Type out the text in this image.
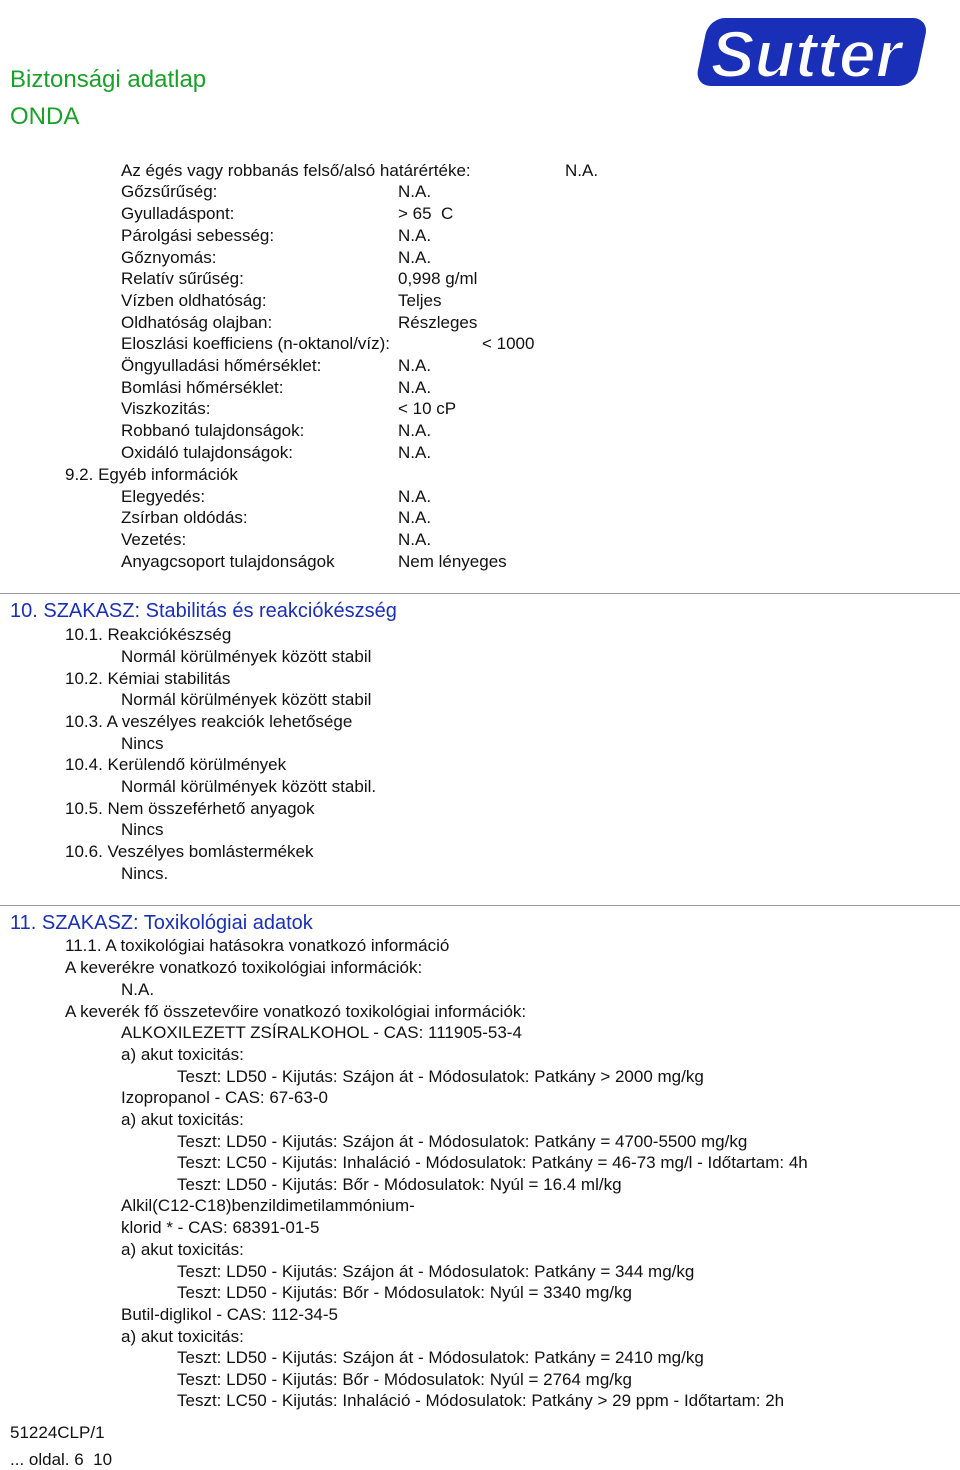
Biztonsági adatlap
ONDA
Sutter
Az égés vagy robbanás felső/alsó határértéke:	N.A.
Gőzsűrűség:	N.A.
Gyulladáspont:	> 65  C
Párolgási sebesség:	N.A.
Gőznyomás:	N.A.
Relatív sűrűség:	0,998 g/ml
Vízben oldhatóság:	Teljes
Oldhatóság olajban:	Részleges
Eloszlási koefficiens (n-oktanol/víz):	< 1000
Öngyulladási hőmérséklet:	N.A.
Bomlási hőmérséklet:	N.A.
Viszkozitás:	< 10 cP
Robbanó tulajdonságok:	N.A.
Oxidáló tulajdonságok:	N.A.
9.2. Egyéb információk
Elegyedés:	N.A.
Zsírban oldódás:	N.A.
Vezetés:	N.A.
Anyagcsoport tulajdonságok	Nem lényeges
10. SZAKASZ: Stabilitás és reakciókészség
10.1. Reakciókészség
Normál körülmények között stabil
10.2. Kémiai stabilitás
Normál körülmények között stabil
10.3. A veszélyes reakciók lehetősége
Nincs
10.4. Kerülendő körülmények
Normál körülmények között stabil.
10.5. Nem összeférhető anyagok
Nincs
10.6. Veszélyes bomlástermékek
Nincs.
11. SZAKASZ: Toxikológiai adatok
11.1. A toxikológiai hatásokra vonatkozó információ
A keverékre vonatkozó toxikológiai információk:
N.A.
A keverék fő összetevőire vonatkozó toxikológiai információk:
ALKOXILEZETT ZSÍRALKOHOL - CAS: 111905-53-4
a) akut toxicitás:
Teszt: LD50 - Kijutás: Szájon át - Módosulatok: Patkány > 2000 mg/kg
Izopropanol - CAS: 67-63-0
a) akut toxicitás:
Teszt: LD50 - Kijutás: Szájon át - Módosulatok: Patkány = 4700-5500 mg/kg
Teszt: LC50 - Kijutás: Inhaláció - Módosulatok: Patkány = 46-73 mg/l - Időtartam: 4h
Teszt: LD50 - Kijutás: Bőr - Módosulatok: Nyúl = 16.4 ml/kg
Alkil(C12-C18)benzildimetilammónium-
klorid * - CAS: 68391-01-5
a) akut toxicitás:
Teszt: LD50 - Kijutás: Szájon át - Módosulatok: Patkány = 344 mg/kg
Teszt: LD50 - Kijutás: Bőr - Módosulatok: Nyúl = 3340 mg/kg
Butil-diglikol - CAS: 112-34-5
a) akut toxicitás:
Teszt: LD50 - Kijutás: Szájon át - Módosulatok: Patkány = 2410 mg/kg
Teszt: LD50 - Kijutás: Bőr - Módosulatok: Nyúl = 2764 mg/kg
Teszt: LC50 - Kijutás: Inhaláció - Módosulatok: Patkány > 29 ppm - Időtartam: 2h
51224CLP/1
... oldal. 6  10
